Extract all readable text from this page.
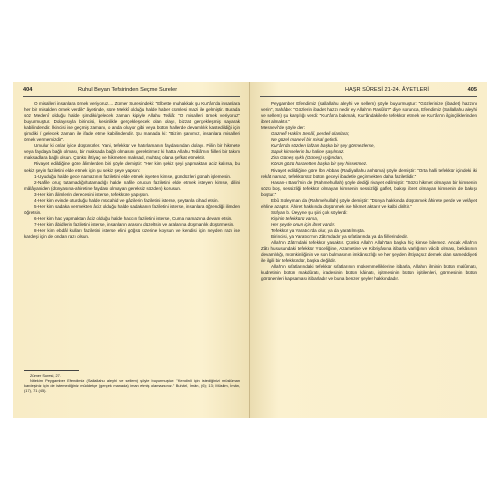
404	Ruhul Beyan Tefsirinden Seçme Sureler

O misalleri insanlara örnek veriyoruz.... Zümer Suresindeki: "Elbette muhakkak şu Kur'ân'da insanlara her bir misalden örnek verdik" âyetinde, süre Mekkî olduğu halde haber cümlesi mazi ile gelmiştir. Burada söz Medenî olduğu halde şimdiki/gelecek zaman kipiyle Allahu Teâlâ: "O misalleri örnek veriyoruz" buyurmuştur. Dolayısıyla birincisi, kesinlikle gerçekleşecek olan olayı, bizzat gerçekleşmiş sayarak kabilindendir. İkincisi ise geçmiş zamanı, o anda oluyor gibi veya bütün hallerde devamlılık kastedildiği için şimdiki / gelecek zaman ile ifade etme kabilindendir. Şu manada ki: "Bizim şanımız, insanlara misalleri örnek vermemizdir".

Umulur ki onlar iyice düşünürler. Yani, tefekkür ve hatırlamanın faydasından dolayı. Fiilin bir hikmete veya faydaya bağlı olması, bir maksada bağlı olmasını gerektirmez ki hatta Allahu Teâlâ'nın fiilleri bir takım maksadlara bağlı olsun. Çünkü ihtiyaç ve hikmeten maksad, muhtaç olana şefkat etmektir.

Rivayet edildiğine göre âlimlerden biri şöyle demiştir: "Her kim şekiz şeyi yapmaktan aciz kalırsa, bu sekiz şeyin faziletini elde etmek için şu sekiz şeye yapsın:

1-Uyuduğu halde gece namazının faziletini elde etmek isyeten kimse, gündüzleri günah işlemesin.

2-Nafile oruç tutamadığı/tutamadığı halde nafile orucun faziletini elde etmek isteyen kimse, dilini mâlâyaniden (dünyasına-ahiretine faydası olmayan gereksiz sözden) korusun.

3-Her kim âlimlerin derecesini isterse, tefekküre yapışsın.

4-Her kim evinde oturduğu halde mücahid ve gâzilerin faziletini isterse, şeytanla cihad etsin.

5-Her kim sadaka vermekten âciz olduğu halde sadakanın faziletini isterse, insanlara öğrendiği ilimden öğretsin.

6-Her kim hac yapmaktan âciz olduğu halde haccın faziletini isterse, Cuma namazına devam etsin.

7-Her kim âbidlerin faziletini isterse, insanların arasını düzeltsin ve aralarına düşmanlık düşürmesin.

8-Her kim ebdâl kulları faziletini isterse elini göğsü üzerine koysun ve kendisi için neyden razı ise kardeşi için de ondan razı olsun.

Zümer Suresi, 27.

Nitekim Peygamber Efendimiz (Sallallahu aleyhi ve sellem) şöyle buyurmuştur: "Kendinli için istediğinizi müslüman kardeşiniz için de istemediğiniz müddetçe (gerçek manada) iman etmiş olamazsınız." Buhârî, İmân, (6); 13; Müslim, İmân, (17), 71 (45).

HAŞR SÛRESİ 21-24. ÂYETLERİ	405

Peygamber Efendimiz (sallallahu aleyhi ve sellem) şöyle buyurmuştur: "Gözlerinize (ibadet) hazzını verin", Sahâbe: "Gözlerin ibadet hazzı nedir ey Allah'ın Rasûlü?" diye sorunca, Efendimiz (Sallallahu aleyhi ve sellem) şu karşılığı verdi: "Kur'ân'a bakmak, Kur'ândakilerle tefekkür etmek ve Kur'ân'ın ilginçliklerinden ibret almaktır."

Mesnevî'de şöyle der:

Gaznelî Hakîm Senâî, perdeli olanlara;

Ne güzel manevî bir misal getirdi.

Kur'ân'da sözden lafzan başka bir şey görmezlerse,

Sapık kimselerin bu haline şaşılmaz.

Zira Güneş ışıklı (Güneş) ışığından,

Körün gözü hararetten başka bir şey hissetmez.

Rivayet edildiğine göre İbn Abbas (Radiyallahu anhüma) şöyle demiştir: "Orta halli tefekkür içindeki iki rekât namaz, tefekkürsüz bütün geceyi ibadetle geçirmekten daha faziletlidir."

Hasan-ı Basrî'nin de (Rahmehullah) şöyle dediği rivayet edilmiştir: "Sözü hikmet olmayan bir kimsenin sözü boş, sessizliği tefekkür olmayan kimsenin sessizliği gaflet, bakışı ibret olmayan kimsenin de bakışı boştur."

Ebû Süleyman da (Rahmehullah) şöyle demiştir: "Dünya hakkında düşünmek âhirete perde ve velâyet ehline azaptır. Âhiret hakkında düşünmek ise hikmet aktarır ve kalbi diriltir."

Süfyan b. Üeyyne şu şiiri çok söylerdi:

Kişinin tefekkürü varsa,

Her şeyde onun için ibret vardır.

Tefekkür ya Yaratıcı'da olur, ya da yaratılmışta.

Birincisi, ya Yaratıcı'nın Zâtı'ndadır ya sıfatlarında ya da fiillerindedir.

Allah'ın Zâtı'ndaki tefekkür yasaktır. Çünkü Allah'ı Allah'tan başka hiç kimse bilemez. Ancak Allah'ın Zâtı hususundaki tefekkür Yüceliğine, Azametine ve Kibriyâsına itibarla varlığının vâcib olması, bekâsının devamlılığı, mümkinliğinin ve son bulmasının imkânsızlığı ve her şeyden ihtiyaçsız demek olan sameddiyeti ile ilgili bir tefekkürdür, başka değildir.

Allah'ın sıfatlarındaki tefekkür sıfatlarının mükemmelliklerine itibarla, Allahın ilminin bütün malûmatı, kudretinin bütün makdûratı, iradesinin bütün kâinatı, işitmesinin bütün işitilenleri, görmesinin bütün görünenleri kapsaması itibarladır ve buna benzer şeyler hakkındadır.
